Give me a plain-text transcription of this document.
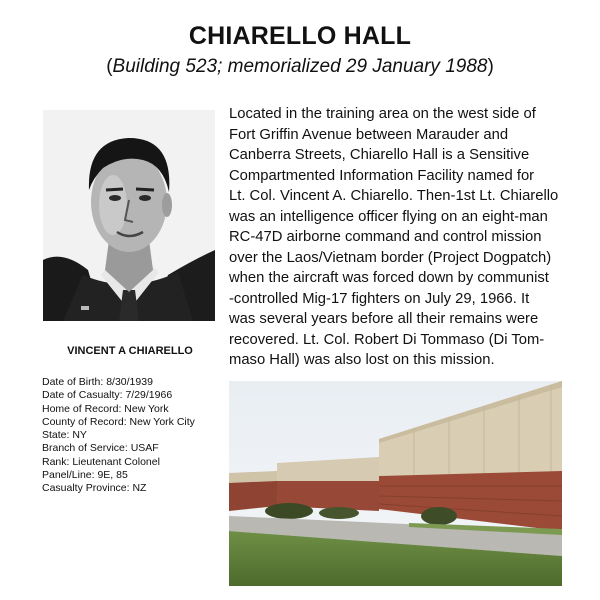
CHIARELLO HALL
(Building 523; memorialized 29 January 1988)
VINCENT A CHIARELLO
Date of Birth: 8/30/1939
Date of Casualty: 7/29/1966
Home of Record: New York
County of Record: New York City
State: NY
Branch of Service: USAF
Rank: Lieutenant Colonel
Panel/Line: 9E, 85
Casualty Province: NZ
Located in the training area on the west side of
Fort Griffin Avenue between Marauder and
Canberra Streets, Chiarello Hall is a Sensitive
Compartmented Information Facility named for
Lt. Col. Vincent A. Chiarello. Then-1st Lt. Chiarello
was an intelligence officer flying on an eight-man
RC-47D airborne command and control mission
over the Laos/Vietnam border (Project Dogpatch)
when the aircraft was forced down by communist
-controlled Mig-17 fighters on July 29, 1966. It
was several years before all their remains were
recovered. Lt. Col. Robert Di Tommaso (Di Tom-
maso Hall) was also lost on this mission.
